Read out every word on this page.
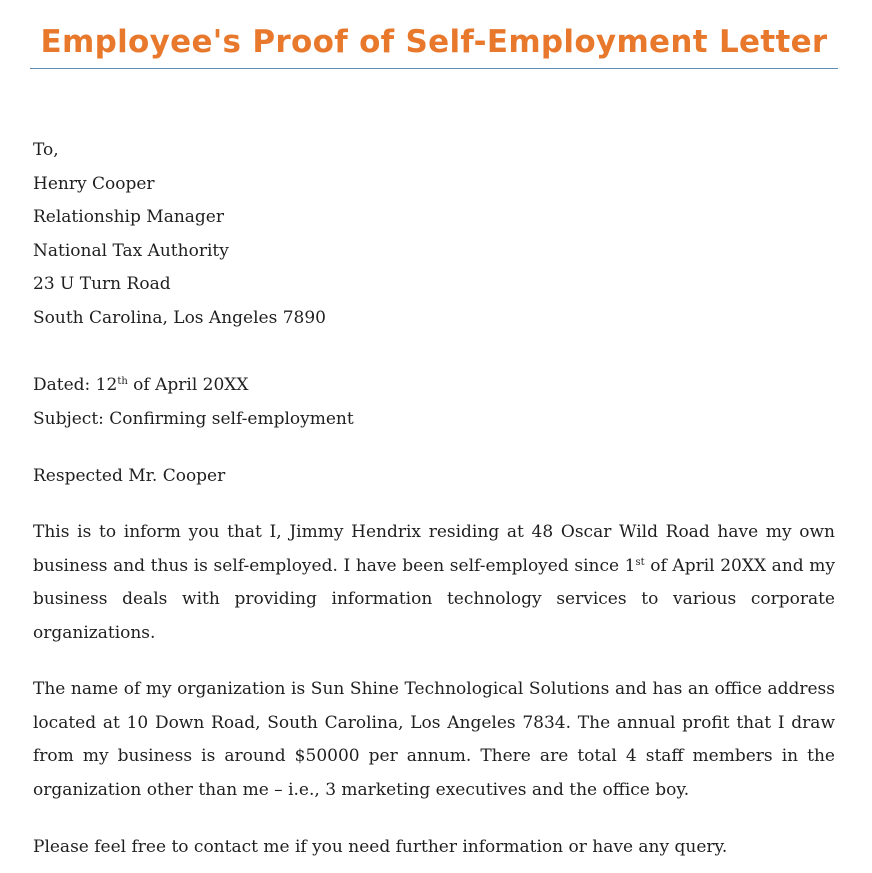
Employee's Proof of Self-Employment Letter
To,
Henry Cooper
Relationship Manager
National Tax Authority
23 U Turn Road
South Carolina, Los Angeles 7890
Dated: 12th of April 20XX
Subject: Confirming self-employment
Respected Mr. Cooper

This is to inform you that I, Jimmy Hendrix residing at 48 Oscar Wild Road have my own business and thus is self-employed. I have been self-employed since 1st of April 20XX and my business deals with providing information technology services to various corporate organizations.

The name of my organization is Sun Shine Technological Solutions and has an office address located at 10 Down Road, South Carolina, Los Angeles 7834. The annual profit that I draw from my business is around $50000 per annum. There are total 4 staff members in the organization other than me – i.e., 3 marketing executives and the office boy.

Please feel free to contact me if you need further information or have any query.
